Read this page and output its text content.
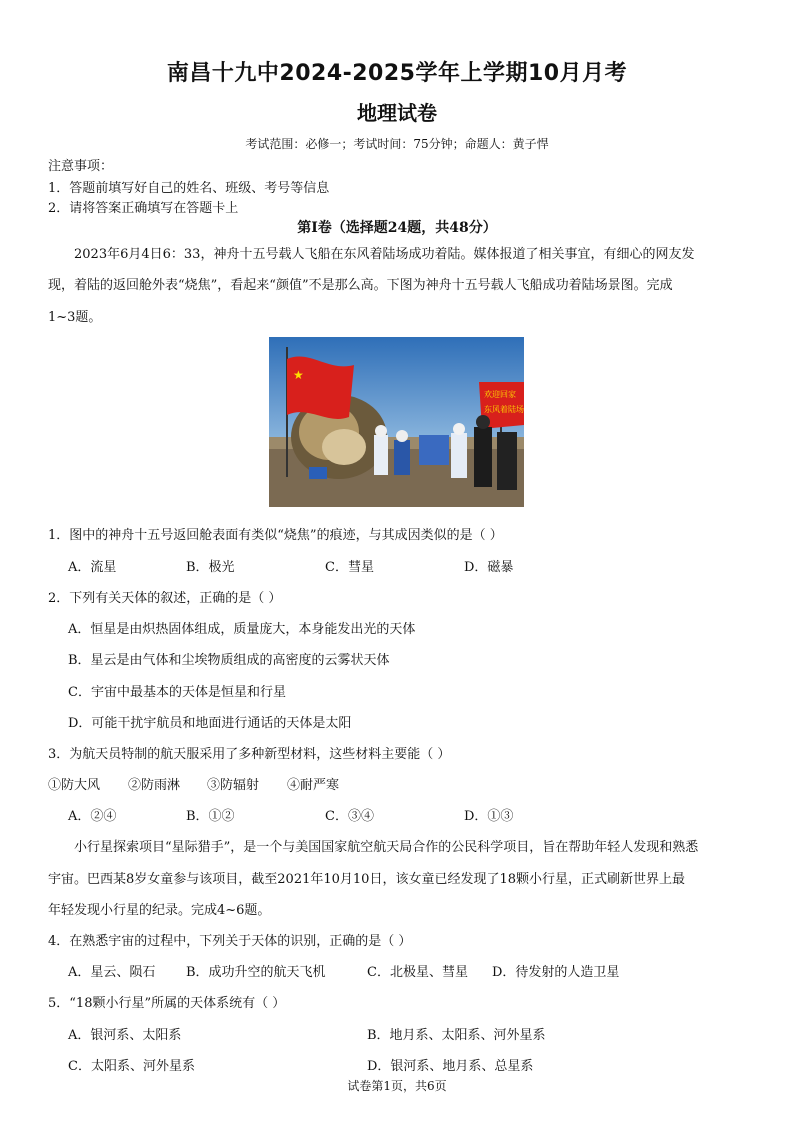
南昌十九中2024-2025学年上学期10月月考
地理试卷
考试范围：必修一；考试时间：75分钟；命题人：黄子悍
注意事项：
1．答题前填写好自己的姓名、班级、考号等信息
2．请将答案正确填写在答题卡上
第Ⅰ卷（选择题24题，共48分）
2023年6月4日6：33，神舟十五号载人飞船在东风着陆场成功着陆。媒体报道了相关事宜，有细心的网友发
现，着陆的返回舱外表“烧焦”，看起来“颜值”不是那么高。下图为神舟十五号载人飞船成功着陆场景图。完成
1~3题。
★
欢迎回家
东风着陆场
1．图中的神舟十五号返回舱表面有类似“烧焦”的痕迹，与其成因类似的是（ ）
A．流星	B．极光	C．彗星	D．磁暴
2．下列有关天体的叙述，正确的是（ ）
A．恒星是由炽热固体组成，质量庞大，本身能发出光的天体
B．星云是由气体和尘埃物质组成的高密度的云雾状天体
C．宇宙中最基本的天体是恒星和行星
D．可能干扰宇航员和地面进行通话的天体是太阳
3．为航天员特制的航天服采用了多种新型材料，这些材料主要能（ ）
①防大风 ②防雨淋 ③防辐射 ④耐严寒
A．②④	B．①②	C．③④	D．①③
小行星探索项目“星际猎手”，是一个与美国国家航空航天局合作的公民科学项目，旨在帮助年轻人发现和熟悉
宇宙。巴西某8岁女童参与该项目，截至2021年10月10日，该女童已经发现了18颗小行星，正式刷新世界上最
年轻发现小行星的纪录。完成4~6题。
4．在熟悉宇宙的过程中，下列关于天体的识别，正确的是（ ）
A．星云、陨石 B．成功升空的航天飞机	C．北极星、彗星 D．待发射的人造卫星
5．“18颗小行星”所属的天体系统有（ ）
A．银河系、太阳系	B．地月系、太阳系、河外星系
C．太阳系、河外星系	D．银河系、地月系、总星系
试卷第1页，共6页
